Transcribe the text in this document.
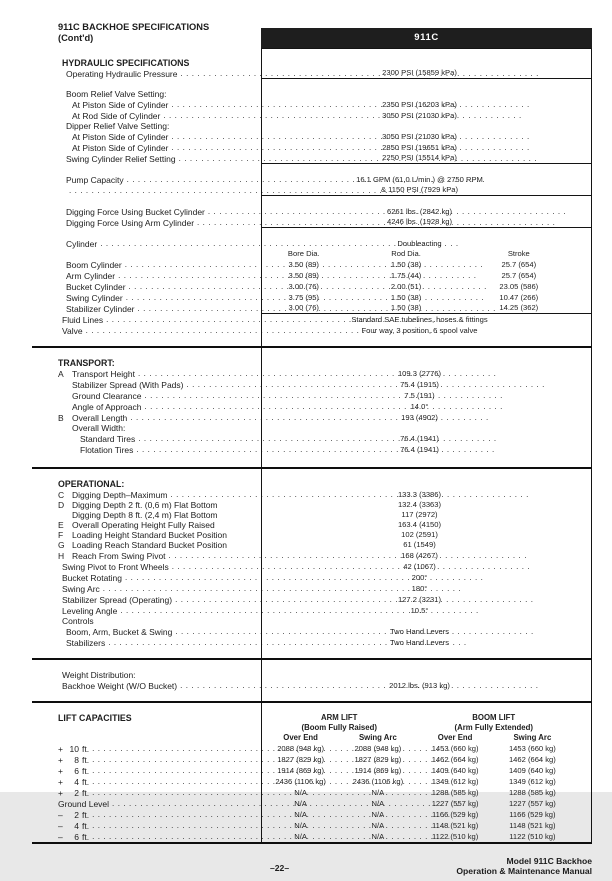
911C BACKHOE SPECIFICATIONS
(Cont'd)	911C
HYDRAULIC SPECIFICATIONS
Operating Hydraulic Pressure . . .	2300 PSI (15859 kPa)
Boom Relief Valve Setting:
At Piston Side of Cylinder . . .	2350 PSI (16203 kPa)
At Rod Side of Cylinder . . .	3050 PSI (21030 kPa)
Dipper Relief Valve Setting:
At Piston Side of Cylinder . . .	3050 PSI (21030 kPa)
At Piston Side of Cylinder . . .	2850 PSI (19651 kPa)
Swing Cylinder Relief Setting . . .	2250 PSI (15514 kPa)
Pump Capacity . . .	16.1 GPM (61,0 L/min.) @ 2750 RPM
. . .
& 1150 PSI (7929 kPa)
Digging Force Using Bucket Cylinder . . .	6261 lbs. (2842 kg)
Digging Force Using Arm Cylinder . . .	4246 lbs. (1928 kg)
Cylinder . . .	Doubleacting
Bore Dia.	Rod Dia.	Stroke
Boom Cylinder . . .	3.50 (89)	1.50 (38)	25.7 (654)
Arm Cylinder . . .	3.50 (89)	1.75 (44)	25.7 (654)
Bucket Cylinder . . .	3.00 (76)	2.00 (51)	23.05 (586)
Swing Cylinder . . .	3.75 (95)	1.50 (38)	10.47 (266)
Stabilizer Cylinder . . .	3.00 (76)	1.50 (38)	14.25 (362)
Fluid Lines . . .	Standard SAE tubelines, hoses & fittings
Valve . . .	Four way, 3 position, 6 spool valve
TRANSPORT:
A Transport Height . . .	109.3 (2776)
Stabilizer Spread (With Pads) . . .	75.4 (1915)
Ground Clearance . . .	7.5 (191)
Angle of Approach . . .	14.0°
B Overall Length . . .	193 (4902)
Overall Width:
Standard Tires . . .	76.4 (1941)
Flotation Tires . . .	76.4 (1941)
OPERATIONAL:
C Digging Depth–Maximum . . .	133.3 (3386)
D Digging Depth 2 ft. (0,6 m) Flat Bottom	132.4 (3363)
Digging Depth 8 ft. (2,4 m) Flat Bottom	117 (2972)
E Overall Operating Height Fully Raised	163.4 (4150)
F	Loading Height Standard Bucket Position	102 (2591)
G Loading Reach Standard Bucket Position	61 (1549)
H Reach From Swing Pivot . . .	168 (4267)
Swing Pivot to Front Wheels . . .	42 (1067)
Bucket Rotating . . .	200°
Swing Arc . . .	180°
Stabilizer Spread (Operating) . . .	127.2 (3231)
Leveling Angle . . .	10.5°
Controls
Boom, Arm, Bucket & Swing . . .	Two Hand Levers
Stabilizers . . .	Two Hand Levers
Weight Distribution:
Backhoe Weight (W/O Bucket) . . .	2012 lbs. (913 kg)
LIFT CAPACITIES	ARM LIFT	BOOM LIFT
(Boom Fully Raised)	(Arm Fully Extended)
Over End	Swing Arc	Over End	Swing Arc
+ 10 ft. . . .	2088 (948 kg)	2088 (948 kg)	1453 (660 kg)	1453 (660 kg)
+	8 ft. . . .	1827 (829 kg)	1827 (829 kg)	1462 (664 kg)	1462 (664 kg)
+	6 ft. . . .	1914 (869 kg)	1914 (869 kg)	1409 (640 kg)	1409 (640 kg)
+	4 ft. . . .	2436 (1106 kg)	2436 (1106 kg)	1349 (612 kg)	1349 (612 kg)
+	2 ft. . . .	N/A	N/A	1288 (585 kg)	1288 (585 kg)
Ground Level . . .	N/A	N/A	1227 (557 kg)	1227 (557 kg)
–	2 ft. . . .	N/A	N/A	1166 (529 kg)	1166 (529 kg)
–	4 ft. . . .	N/A	N/A	1148 (521 kg)	1148 (521 kg)
–	6 ft. . . .	N/A	N/A	1122 (510 kg)	1122 (510 kg)
–22–
Model 911C Backhoe
Operation & Maintenance Manual
